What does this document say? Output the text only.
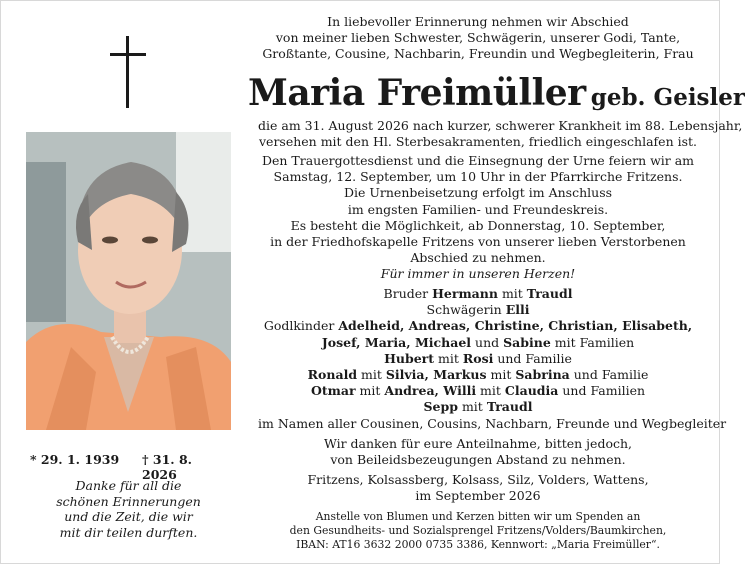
In liebevoller Erinnerung nehmen wir Abschied
von meiner lieben Schwester, Schwägerin, unserer Godi, Tante,
Großtante, Cousine, Nachbarin, Freundin und Wegbegleiterin, Frau
Maria Freimüller geb. Geisler
die am 31. August 2026 nach kurzer, schwerer Krankheit im 88. Lebensjahr,
versehen mit den Hl. Sterbesakramenten, friedlich eingeschlafen ist.
Den Trauergottesdienst und die Einsegnung der Urne feiern wir am
Samstag, 12. September, um 10 Uhr in der Pfarrkirche Fritzens.
Die Urnenbeisetzung erfolgt im Anschluss
im engsten Familien- und Freundeskreis.
Es besteht die Möglichkeit, ab Donnerstag, 10. September,
in der Friedhofskapelle Fritzens von unserer lieben Verstorbenen
Abschied zu nehmen.
Für immer in unseren Herzen!
Bruder Hermann mit Traudl
Schwägerin Elli
Godlkinder Adelheid, Andreas, Christine, Christian, Elisabeth,
Josef, Maria, Michael und Sabine mit Familien
Hubert mit Rosi und Familie
Ronald mit Silvia, Markus mit Sabrina und Familie
Otmar mit Andrea, Willi mit Claudia und Familien
Sepp mit Traudl
im Namen aller Cousinen, Cousins, Nachbarn, Freunde und Wegbegleiter
Wir danken für eure Anteilnahme, bitten jedoch,
von Beileidsbezeugungen Abstand zu nehmen.
Fritzens, Kolsassberg, Kolsass, Silz, Volders, Wattens,
im September 2026
Anstelle von Blumen und Kerzen bitten wir um Spenden an
den Gesundheits- und Sozialsprengel Fritzens/Volders/Baumkirchen,
IBAN: AT16 3632 2000 0735 3386, Kennwort: „Maria Freimüller“.
* 29. 1. 1939 † 31. 8. 2026
Danke für all die
schönen Erinnerungen
und die Zeit, die wir
mit dir teilen durften.
